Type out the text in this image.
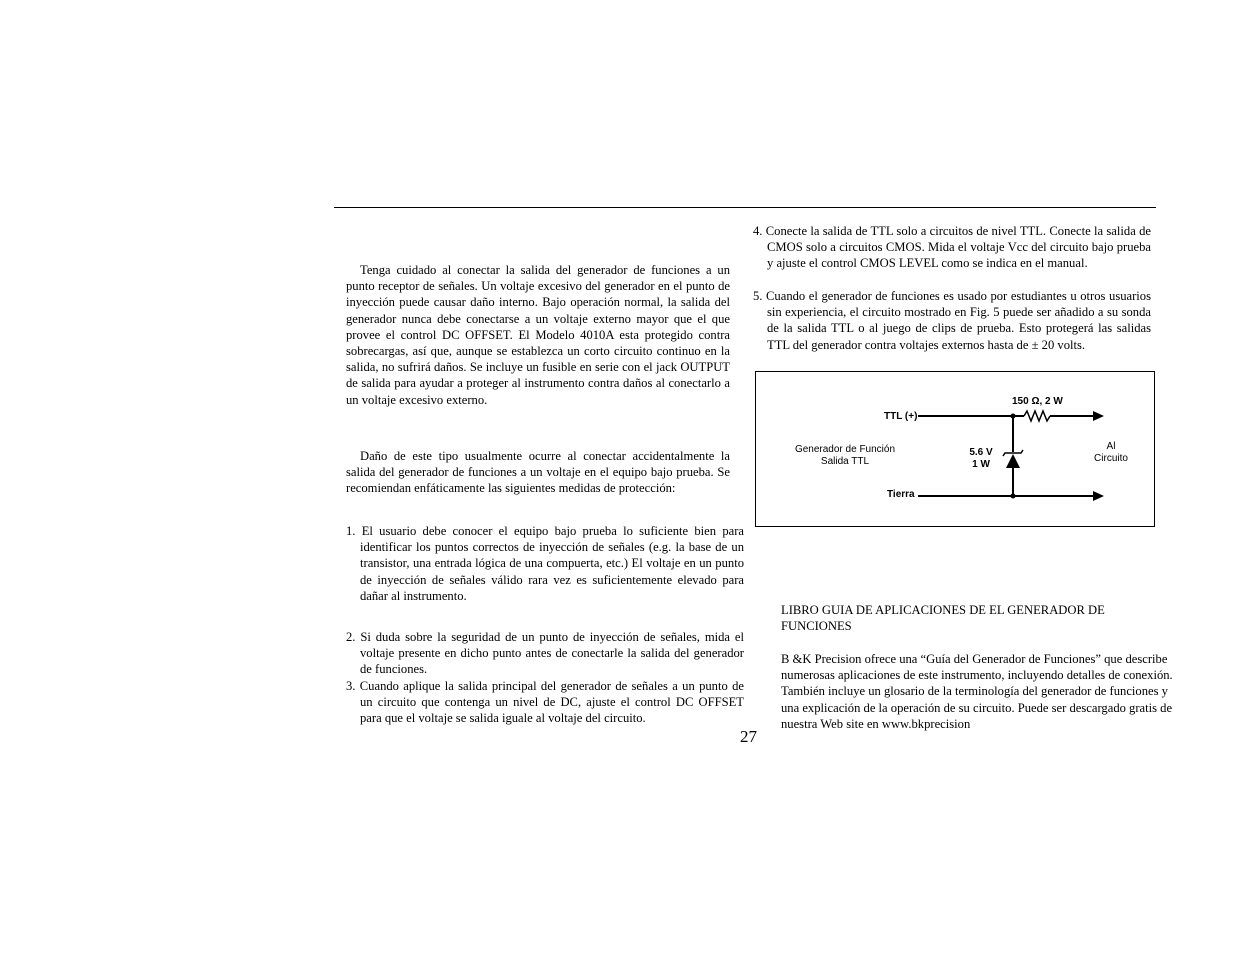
Tenga cuidado al conectar la salida del generador de funciones a un punto receptor de señales. Un voltaje excesivo del generador en el punto de inyección puede causar daño interno. Bajo operación normal, la salida del generador nunca debe conectarse a un voltaje externo mayor que el que provee el control DC OFFSET. El Modelo 4010A esta protegido contra sobrecargas, así que, aunque se establezca un corto circuito continuo en la salida, no sufrirá daños. Se incluye un fusible en serie con el jack OUTPUT de salida para ayudar a proteger al instrumento contra daños al conectarlo a un voltaje excesivo externo.

Daño de este tipo usualmente ocurre al conectar accidentalmente la salida del generador de funciones a un voltaje en el equipo bajo prueba. Se recomiendan enfáticamente las siguientes medidas de protección:

1. El usuario debe conocer el equipo bajo prueba lo suficiente bien para identificar los puntos correctos de inyección de señales (e.g. la base de un transistor, una entrada lógica de una compuerta, etc.) El voltaje en un punto de inyección de señales válido rara vez es suficientemente elevado para dañar al instrumento.

2. Si duda sobre la seguridad de un punto de inyección de señales, mida el voltaje presente en dicho punto antes de conectarle la salida del generador de funciones.

3. Cuando aplique la salida principal del generador de señales a un punto de un circuito que contenga un nivel de DC, ajuste el control DC OFFSET para que el voltaje se salida iguale al voltaje del circuito.

27

4. Conecte la salida de TTL solo a circuitos de nivel TTL. Conecte la salida de CMOS solo a circuitos CMOS. Mida el voltaje Vcc del circuito bajo prueba y ajuste el control CMOS LEVEL como se indica en el manual.

5. Cuando el generador de funciones es usado por estudiantes u otros usuarios sin experiencia, el circuito mostrado en Fig. 5 puede ser añadido a su sonda de la salida TTL o al juego de clips de prueba. Esto protegerá las salidas TTL del generador contra voltajes externos hasta de ± 20 volts.

TTL (+)
150 Ω, 2 W
Generador de Función
Salida TTL
5.6 V
1 W
Al
Circuito
Tierra

LIBRO GUIA DE APLICACIONES DE EL GENERADOR DE FUNCIONES

B &K Precision ofrece una “Guía del Generador de Funciones” que describe numerosas aplicaciones de este instrumento, incluyendo detalles de conexión. También incluye un glosario de la terminología del generador de funciones y una explicación de la operación de su circuito. Puede ser descargado gratis de nuestra Web site en www.bkprecision
